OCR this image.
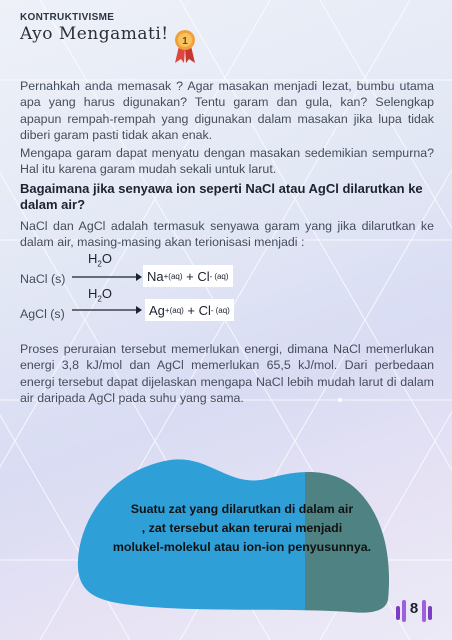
KONTRUKTIVISME
Ayo Mengamati! 1

Pernahkah anda memasak ? Agar masakan menjadi lezat, bumbu utama apa yang harus digunakan? Tentu garam dan gula, kan? Selengkap apapun rempah-rempah yang digunakan dalam masakan jika lupa tidak diberi garam pasti tidak akan enak.

Mengapa garam dapat menyatu dengan masakan sedemikian sempurna? Hal itu karena garam mudah sekali untuk larut.

Bagaimana jika senyawa ion seperti NaCl atau AgCl dilarutkan ke dalam air?

NaCl dan AgCl adalah termasuk senyawa garam yang jika dilarutkan ke dalam air, masing-masing akan terionisasi menjadi :

NaCl (s)
$H_2O$
Na + (aq) + Cl - (aq)
AgCl (s)
$H_2O$
Ag + (aq) + Cl - (aq)

Proses peruraian tersebut memerlukan energi, dimana NaCl memerlukan energi 3,8 kJ/mol dan AgCl memerlukan 65,5 kJ/mol. Dari perbedaan energi tersebut dapat dijelaskan mengapa NaCl lebih mudah larut di dalam air daripada AgCl pada suhu yang sama.

Suatu zat yang dilarutkan di dalam air
, zat tersebut akan terurai menjadi
molukel-molekul atau ion-ion penyusunnya.
8
